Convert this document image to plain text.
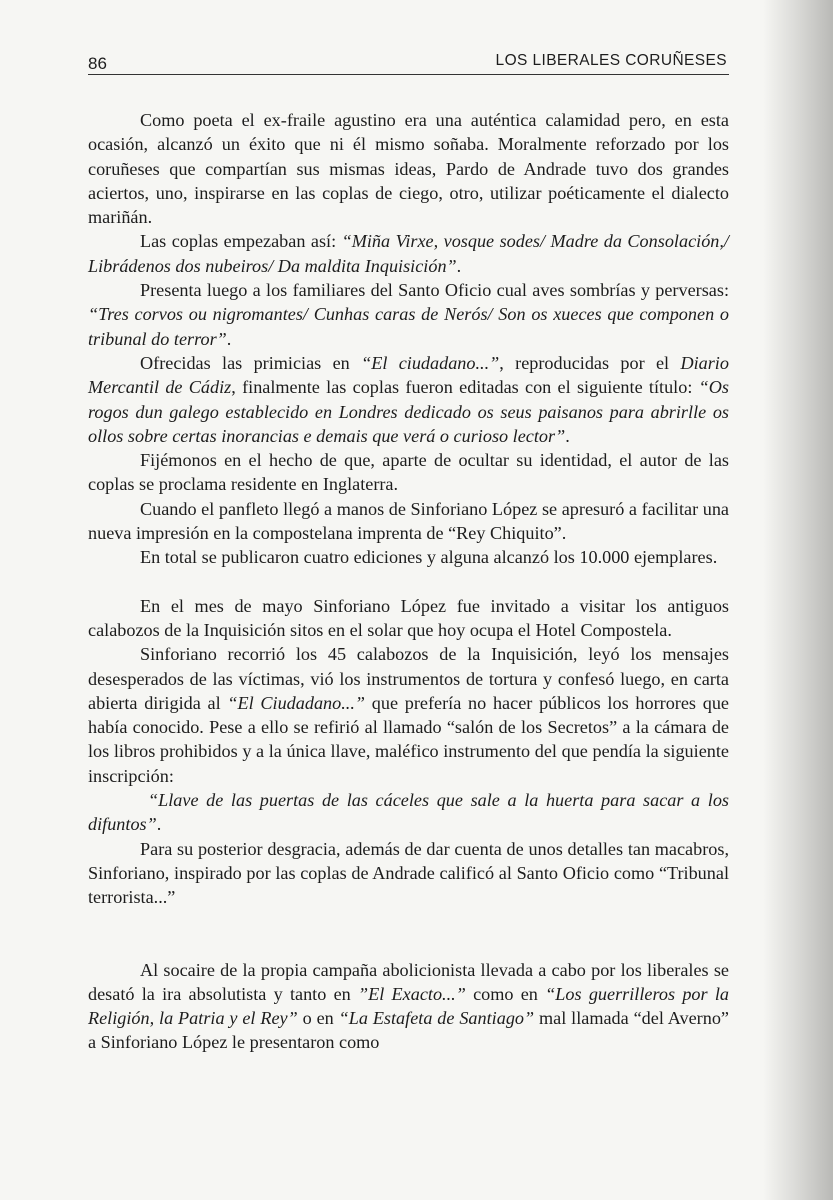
86	LOS LIBERALES CORUÑESES

Como poeta el ex-fraile agustino era una auténtica calamidad pero, en esta ocasión, alcanzó un éxito que ni él mismo soñaba. Moralmente reforzado por los coruñeses que compartían sus mismas ideas, Pardo de Andrade tuvo dos grandes aciertos, uno, inspirarse en las coplas de ciego, otro, utilizar poéticamente el dialecto mariñán.

Las coplas empezaban así: “Miña Virxe, vosque sodes/ Madre da Consolación,/ Librádenos dos nubeiros/ Da maldita Inquisición”.

Presenta luego a los familiares del Santo Oficio cual aves sombrías y perversas: “Tres corvos ou nigromantes/ Cunhas caras de Nerós/ Son os xueces que componen o tribunal do terror”.

Ofrecidas las primicias en “El ciudadano...”, reproducidas por el Diario Mercantil de Cádiz, finalmente las coplas fueron editadas con el siguiente título: “Os rogos dun galego establecido en Londres dedicado os seus paisanos para abrirlle os ollos sobre certas inorancias e demais que verá o curioso lector”.

Fijémonos en el hecho de que, aparte de ocultar su identidad, el autor de las coplas se proclama residente en Inglaterra.

Cuando el panfleto llegó a manos de Sinforiano López se apresuró a facilitar una nueva impresión en la compostelana imprenta de “Rey Chiquito”.

En total se publicaron cuatro ediciones y alguna alcanzó los 10.000 ejemplares.

En el mes de mayo Sinforiano López fue invitado a visitar los antiguos calabozos de la Inquisición sitos en el solar que hoy ocupa el Hotel Compostela.

Sinforiano recorrió los 45 calabozos de la Inquisición, leyó los mensajes desesperados de las víctimas, vió los instrumentos de tortura y confesó luego, en carta abierta dirigida al “El Ciudadano...” que prefería no hacer públicos los horrores que había conocido. Pese a ello se refirió al llamado “salón de los Secretos” a la cámara de los libros prohibidos y a la única llave, maléfico instrumento del que pendía la siguiente inscripción:

“Llave de las puertas de las cáceles que sale a la huerta para sacar a los difuntos”.

Para su posterior desgracia, además de dar cuenta de unos detalles tan macabros, Sinforiano, inspirado por las coplas de Andrade calificó al Santo Oficio como “Tribunal terrorista...”

Al socaire de la propia campaña abolicionista llevada a cabo por los liberales se desató la ira absolutista y tanto en ”El Exacto...” como en “Los guerrilleros por la Religión, la Patria y el Rey” o en “La Estafeta de Santiago” mal llamada “del Averno” a Sinforiano López le presentaron como
